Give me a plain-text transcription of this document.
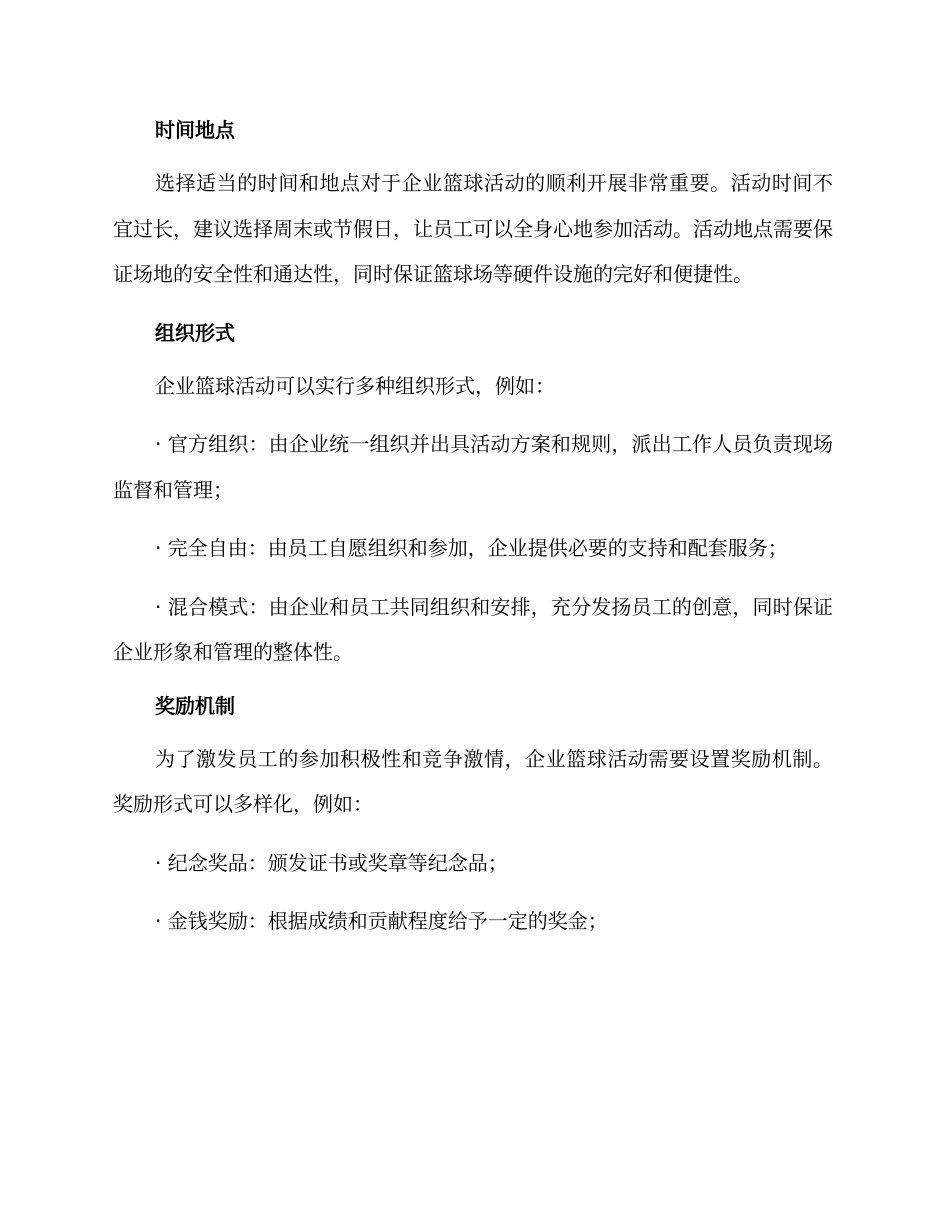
时间地点

选择适当的时间和地点对于企业篮球活动的顺利开展非常重要。活动时间不宜过长，建议选择周末或节假日，让员工可以全身心地参加活动。活动地点需要保证场地的安全性和通达性，同时保证篮球场等硬件设施的完好和便捷性。

组织形式

企业篮球活动可以实行多种组织形式，例如：

· 官方组织：由企业统一组织并出具活动方案和规则，派出工作人员负责现场监督和管理；

· 完全自由：由员工自愿组织和参加，企业提供必要的支持和配套服务；

· 混合模式：由企业和员工共同组织和安排，充分发扬员工的创意，同时保证企业形象和管理的整体性。

奖励机制

为了激发员工的参加积极性和竞争激情，企业篮球活动需要设置奖励机制。奖励形式可以多样化，例如：

· 纪念奖品：颁发证书或奖章等纪念品；

· 金钱奖励：根据成绩和贡献程度给予一定的奖金；
